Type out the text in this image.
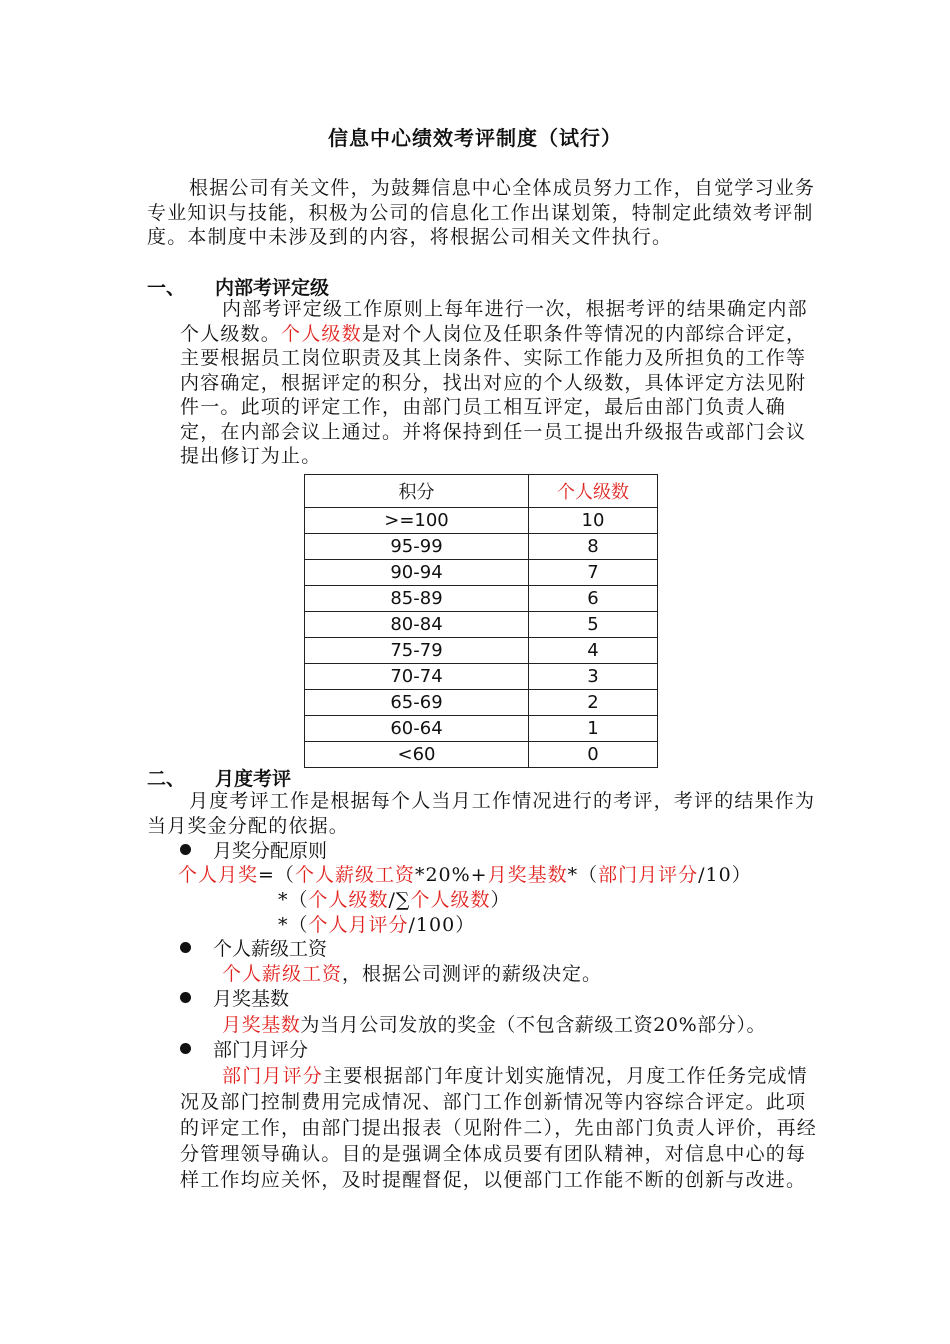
信息中心绩效考评制度（试行）
根据公司有关文件，为鼓舞信息中心全体成员努力工作，自觉学习业务专业知识与技能，积极为公司的信息化工作出谋划策，特制定此绩效考评制度。本制度中未涉及到的内容，将根据公司相关文件执行。
一、 内部考评定级
内部考评定级工作原则上每年进行一次，根据考评的结果确定内部个人级数。个人级数是对个人岗位及任职条件等情况的内部综合评定，主要根据员工岗位职责及其上岗条件、实际工作能力及所担负的工作等内容确定，根据评定的积分，找出对应的个人级数，具体评定方法见附件一。此项的评定工作，由部门员工相互评定，最后由部门负责人确定，在内部会议上通过。并将保持到任一员工提出升级报告或部门会议提出修订为止。
积分	个人级数
>=100	10
95-99	8
90-94	7
85-89	6
80-84	5
75-79	4
70-74	3
65-69	2
60-64	1
<60	0
二、 月度考评
月度考评工作是根据每个人当月工作情况进行的考评，考评的结果作为当月奖金分配的依据。
月奖分配原则
个人月奖=（个人薪级工资*20%+月奖基数*（部门月评分/10）
*（个人级数/∑个人级数）
*（个人月评分/100）
个人薪级工资
个人薪级工资，根据公司测评的薪级决定。
月奖基数
月奖基数为当月公司发放的奖金（不包含薪级工资20%部分）。
部门月评分
部门月评分主要根据部门年度计划实施情况，月度工作任务完成情况及部门控制费用完成情况、部门工作创新情况等内容综合评定。此项的评定工作，由部门提出报表（见附件二），先由部门负责人评价，再经分管理领导确认。目的是强调全体成员要有团队精神，对信息中心的每样工作均应关怀，及时提醒督促，以便部门工作能不断的创新与改进。
